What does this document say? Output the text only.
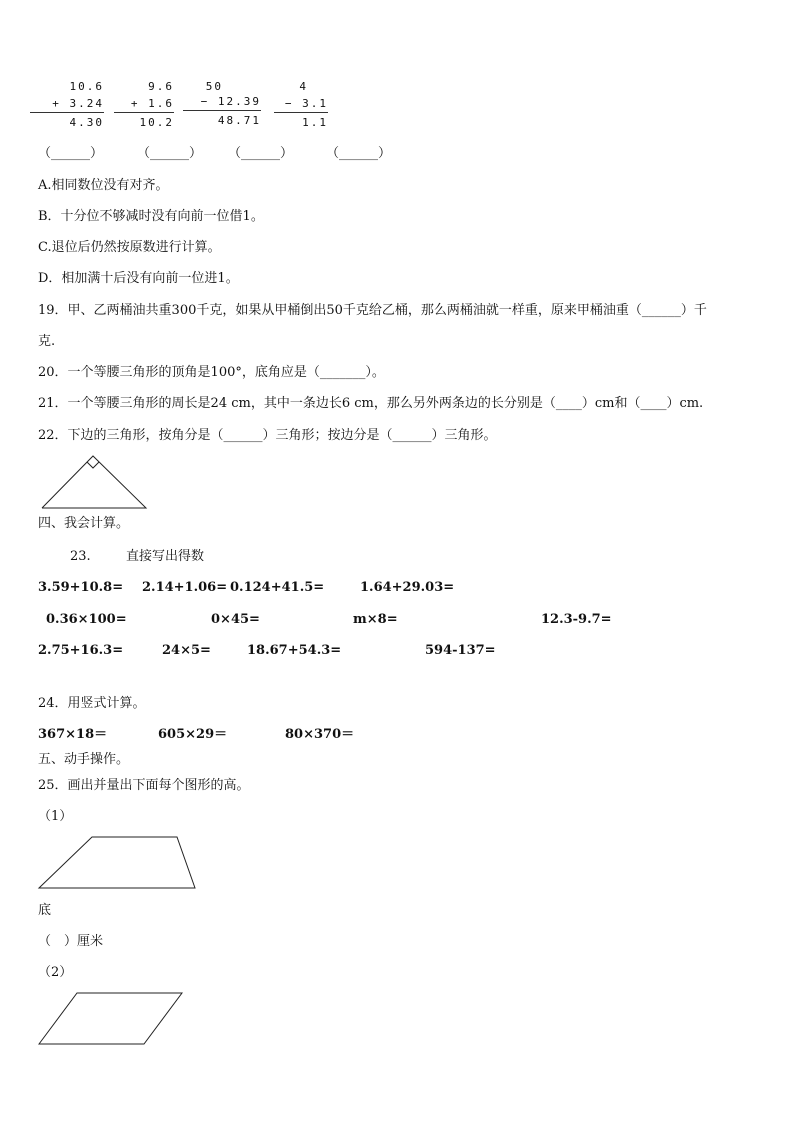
10.6
+ 3.24
4.30
9.6
+ 1.6
10.2
50
− 12.39
48.71
4
− 3.1
1.1
（______）	（______） （______）	（______）
A.相同数位没有对齐。
B．十分位不够减时没有向前一位借1。
C.退位后仍然按原数进行计算。
D．相加满十后没有向前一位进1。
19．甲、乙两桶油共重300千克，如果从甲桶倒出50千克给乙桶，那么两桶油就一样重，原来甲桶油重（______）千
克.
20．一个等腰三角形的顶角是100°，底角应是（_______）。
21．一个等腰三角形的周长是24 cm，其中一条边长6 cm，那么另外两条边的长分别是（____）cm和（____）cm.
22．下边的三角形，按角分是（______）三角形；按边分是（______）三角形。
四、我会计算。
23.	直接写出得数
3.59+10.8= 2.14+1.06= 0.124+41.5=	1.64+29.03=
0.36×100=	0×45=	m×8=	12.3-9.7=
2.75+16.3=	24×5=	18.67+54.3=	594-137=
24．用竖式计算。
367×18＝	605×29＝	80×370＝
五、动手操作。
25．画出并量出下面每个图形的高。
（1）
底
（　）厘米
（2）
